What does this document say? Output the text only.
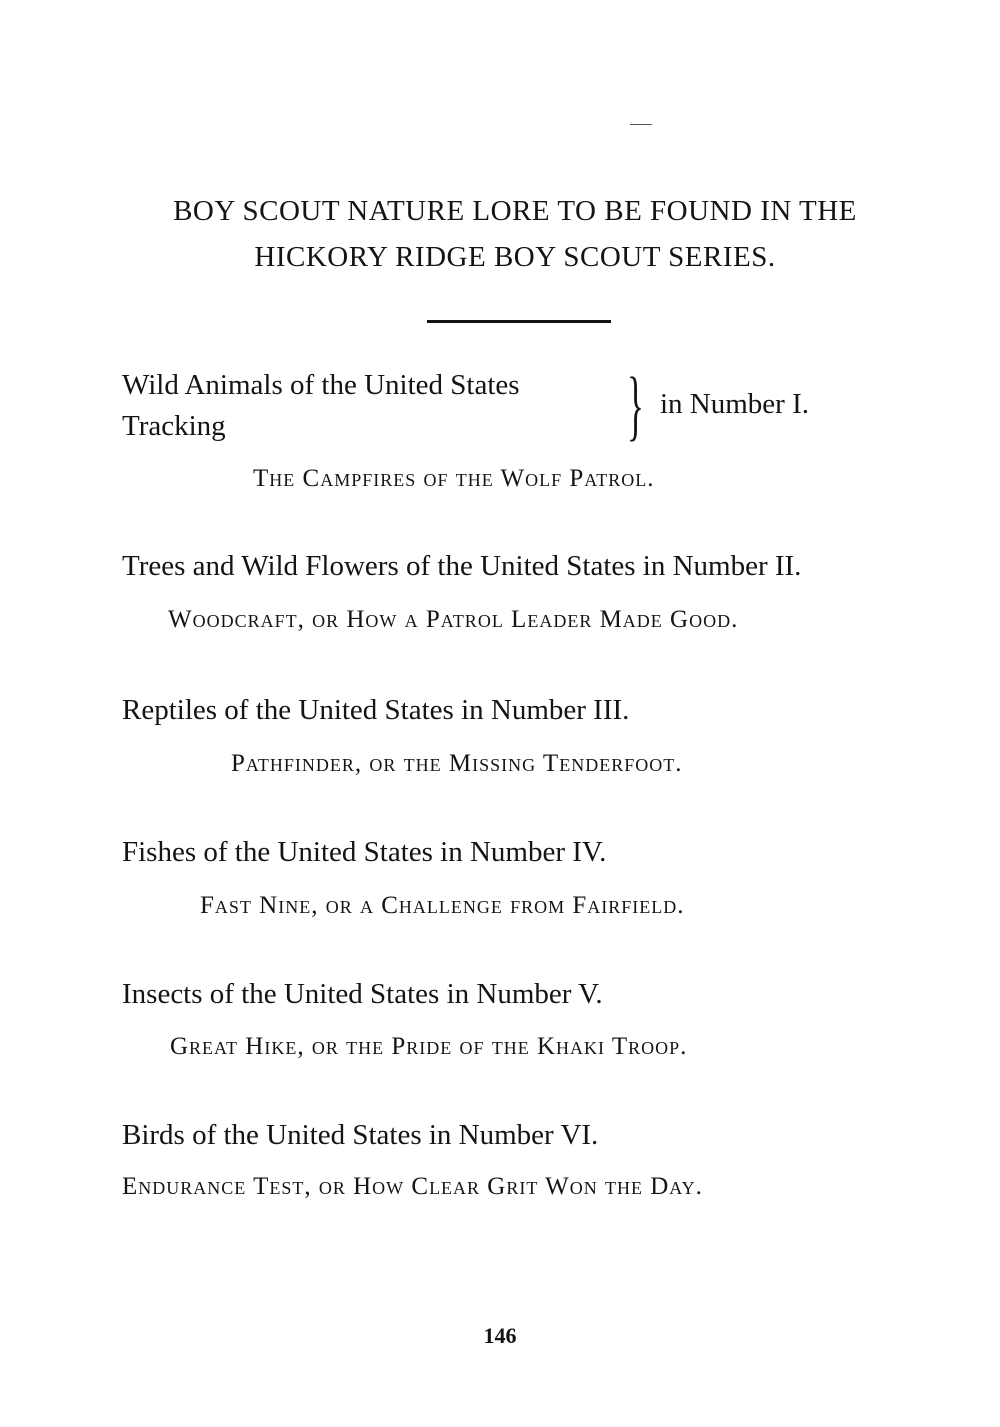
BOY SCOUT NATURE LORE TO BE FOUND IN THE
HICKORY RIDGE BOY SCOUT SERIES.
Wild Animals of the United States
Tracking	} in Number I.
The Campfires of the Wolf Patrol.
Trees and Wild Flowers of the United States in Number II.
Woodcraft, or How a Patrol Leader Made Good.
Reptiles of the United States in Number III.
Pathfinder, or the Missing Tenderfoot.
Fishes of the United States in Number IV.
Fast Nine, or a Challenge from Fairfield.
Insects of the United States in Number V.
Great Hike, or the Pride of the Khaki Troop.
Birds of the United States in Number VI.
Endurance Test, or How Clear Grit Won the Day.
146
